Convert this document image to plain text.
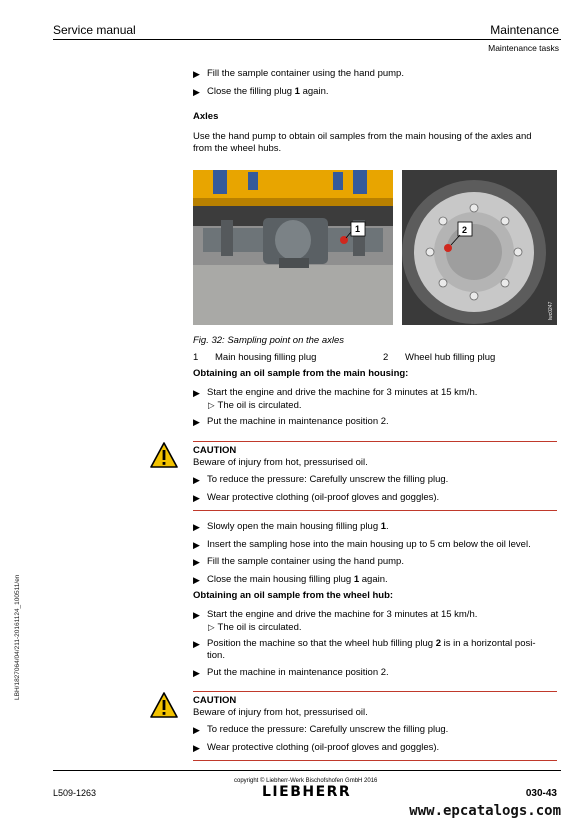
Service manual	Maintenance
Maintenance tasks
▶ Fill the sample container using the hand pump.
▶ Close the filling plug 1 again.
Axles
Use the hand pump to obtain oil samples from the main housing of the axles and
from the wheel hubs.
1	2
lwc0247
Fig. 32: Sampling point on the axles
1 Main housing filling plug	2 Wheel hub filling plug
Obtaining an oil sample from the main housing:
▶ Start the engine and drive the machine for 3 minutes at 15 km/h.
▷ The oil is circulated.
▶ Put the machine in maintenance position 2.
CAUTION
Beware of injury from hot, pressurised oil.
▶ To reduce the pressure: Carefully unscrew the filling plug.
▶ Wear protective clothing (oil-proof gloves and goggles).
▶ Slowly open the main housing filling plug 1.
▶ Insert the sampling hose into the main housing up to 5 cm below the oil level.
▶ Fill the sample container using the hand pump.
▶ Close the main housing filling plug 1 again.
Obtaining an oil sample from the wheel hub:
▶ Start the engine and drive the machine for 3 minutes at 15 km/h.
▷ The oil is circulated.
▶ Position the machine so that the wheel hub filling plug 2 is in a horizontal posi-
tion.
▶ Put the machine in maintenance position 2.
CAUTION
Beware of injury from hot, pressurised oil.
▶ To reduce the pressure: Carefully unscrew the filling plug.
▶ Wear protective clothing (oil-proof gloves and goggles).
LBH/1827064/04/211-20161124_100511/en
copyright © Liebherr-Werk Bischofshofen GmbH 2016
L509-1263	LIEBHERR	030-43
www.epcatalogs.com
